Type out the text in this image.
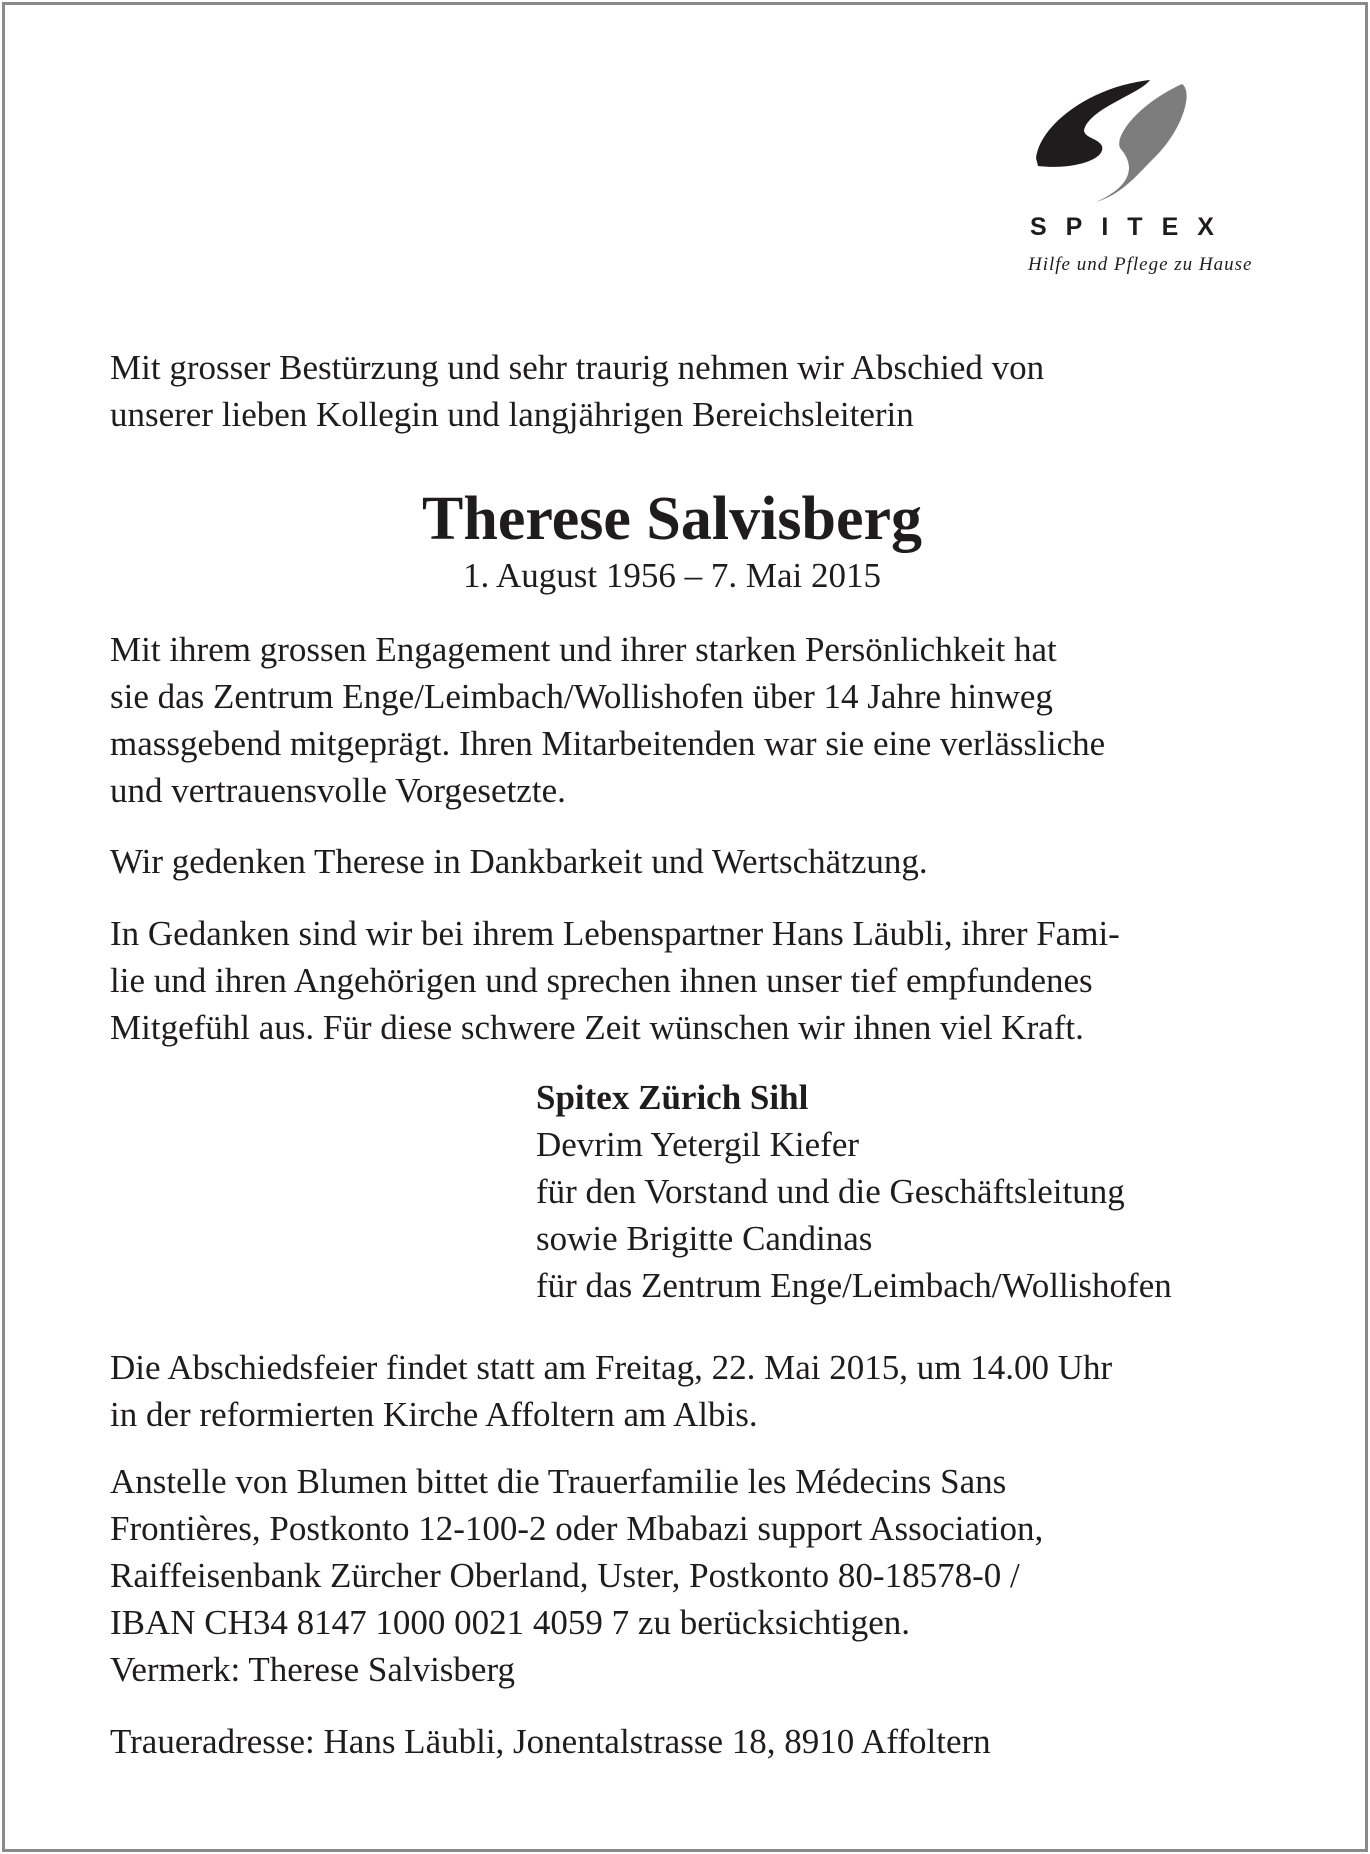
SPITEX
Hilfe und Pflege zu Hause

Mit grosser Bestürzung und sehr traurig nehmen wir Abschied von
unserer lieben Kollegin und langjährigen Bereichsleiterin

Therese Salvisberg
1. August 1956 – 7. Mai 2015

Mit ihrem grossen Engagement und ihrer starken Persönlichkeit hat
sie das Zentrum Enge/Leimbach/Wollishofen über 14 Jahre hinweg
massgebend mitgeprägt. Ihren Mitarbeitenden war sie eine verlässliche
und vertrauensvolle Vorgesetzte.

Wir gedenken Therese in Dankbarkeit und Wertschätzung.

In Gedanken sind wir bei ihrem Lebenspartner Hans Läubli, ihrer Fami-
lie und ihren Angehörigen und sprechen ihnen unser tief empfundenes
Mitgefühl aus. Für diese schwere Zeit wünschen wir ihnen viel Kraft.

Spitex Zürich Sihl
Devrim Yetergil Kiefer
für den Vorstand und die Geschäftsleitung
sowie Brigitte Candinas
für das Zentrum Enge/Leimbach/Wollishofen

Die Abschiedsfeier findet statt am Freitag, 22. Mai 2015, um 14.00 Uhr
in der reformierten Kirche Affoltern am Albis.

Anstelle von Blumen bittet die Trauerfamilie les Médecins Sans
Frontières, Postkonto 12-100-2 oder Mbabazi support Association,
Raiffeisenbank Zürcher Oberland, Uster, Postkonto 80-18578-0 /
IBAN CH34 8147 1000 0021 4059 7 zu berücksichtigen.
Vermerk: Therese Salvisberg

Traueradresse: Hans Läubli, Jonentalstrasse 18, 8910 Affoltern
